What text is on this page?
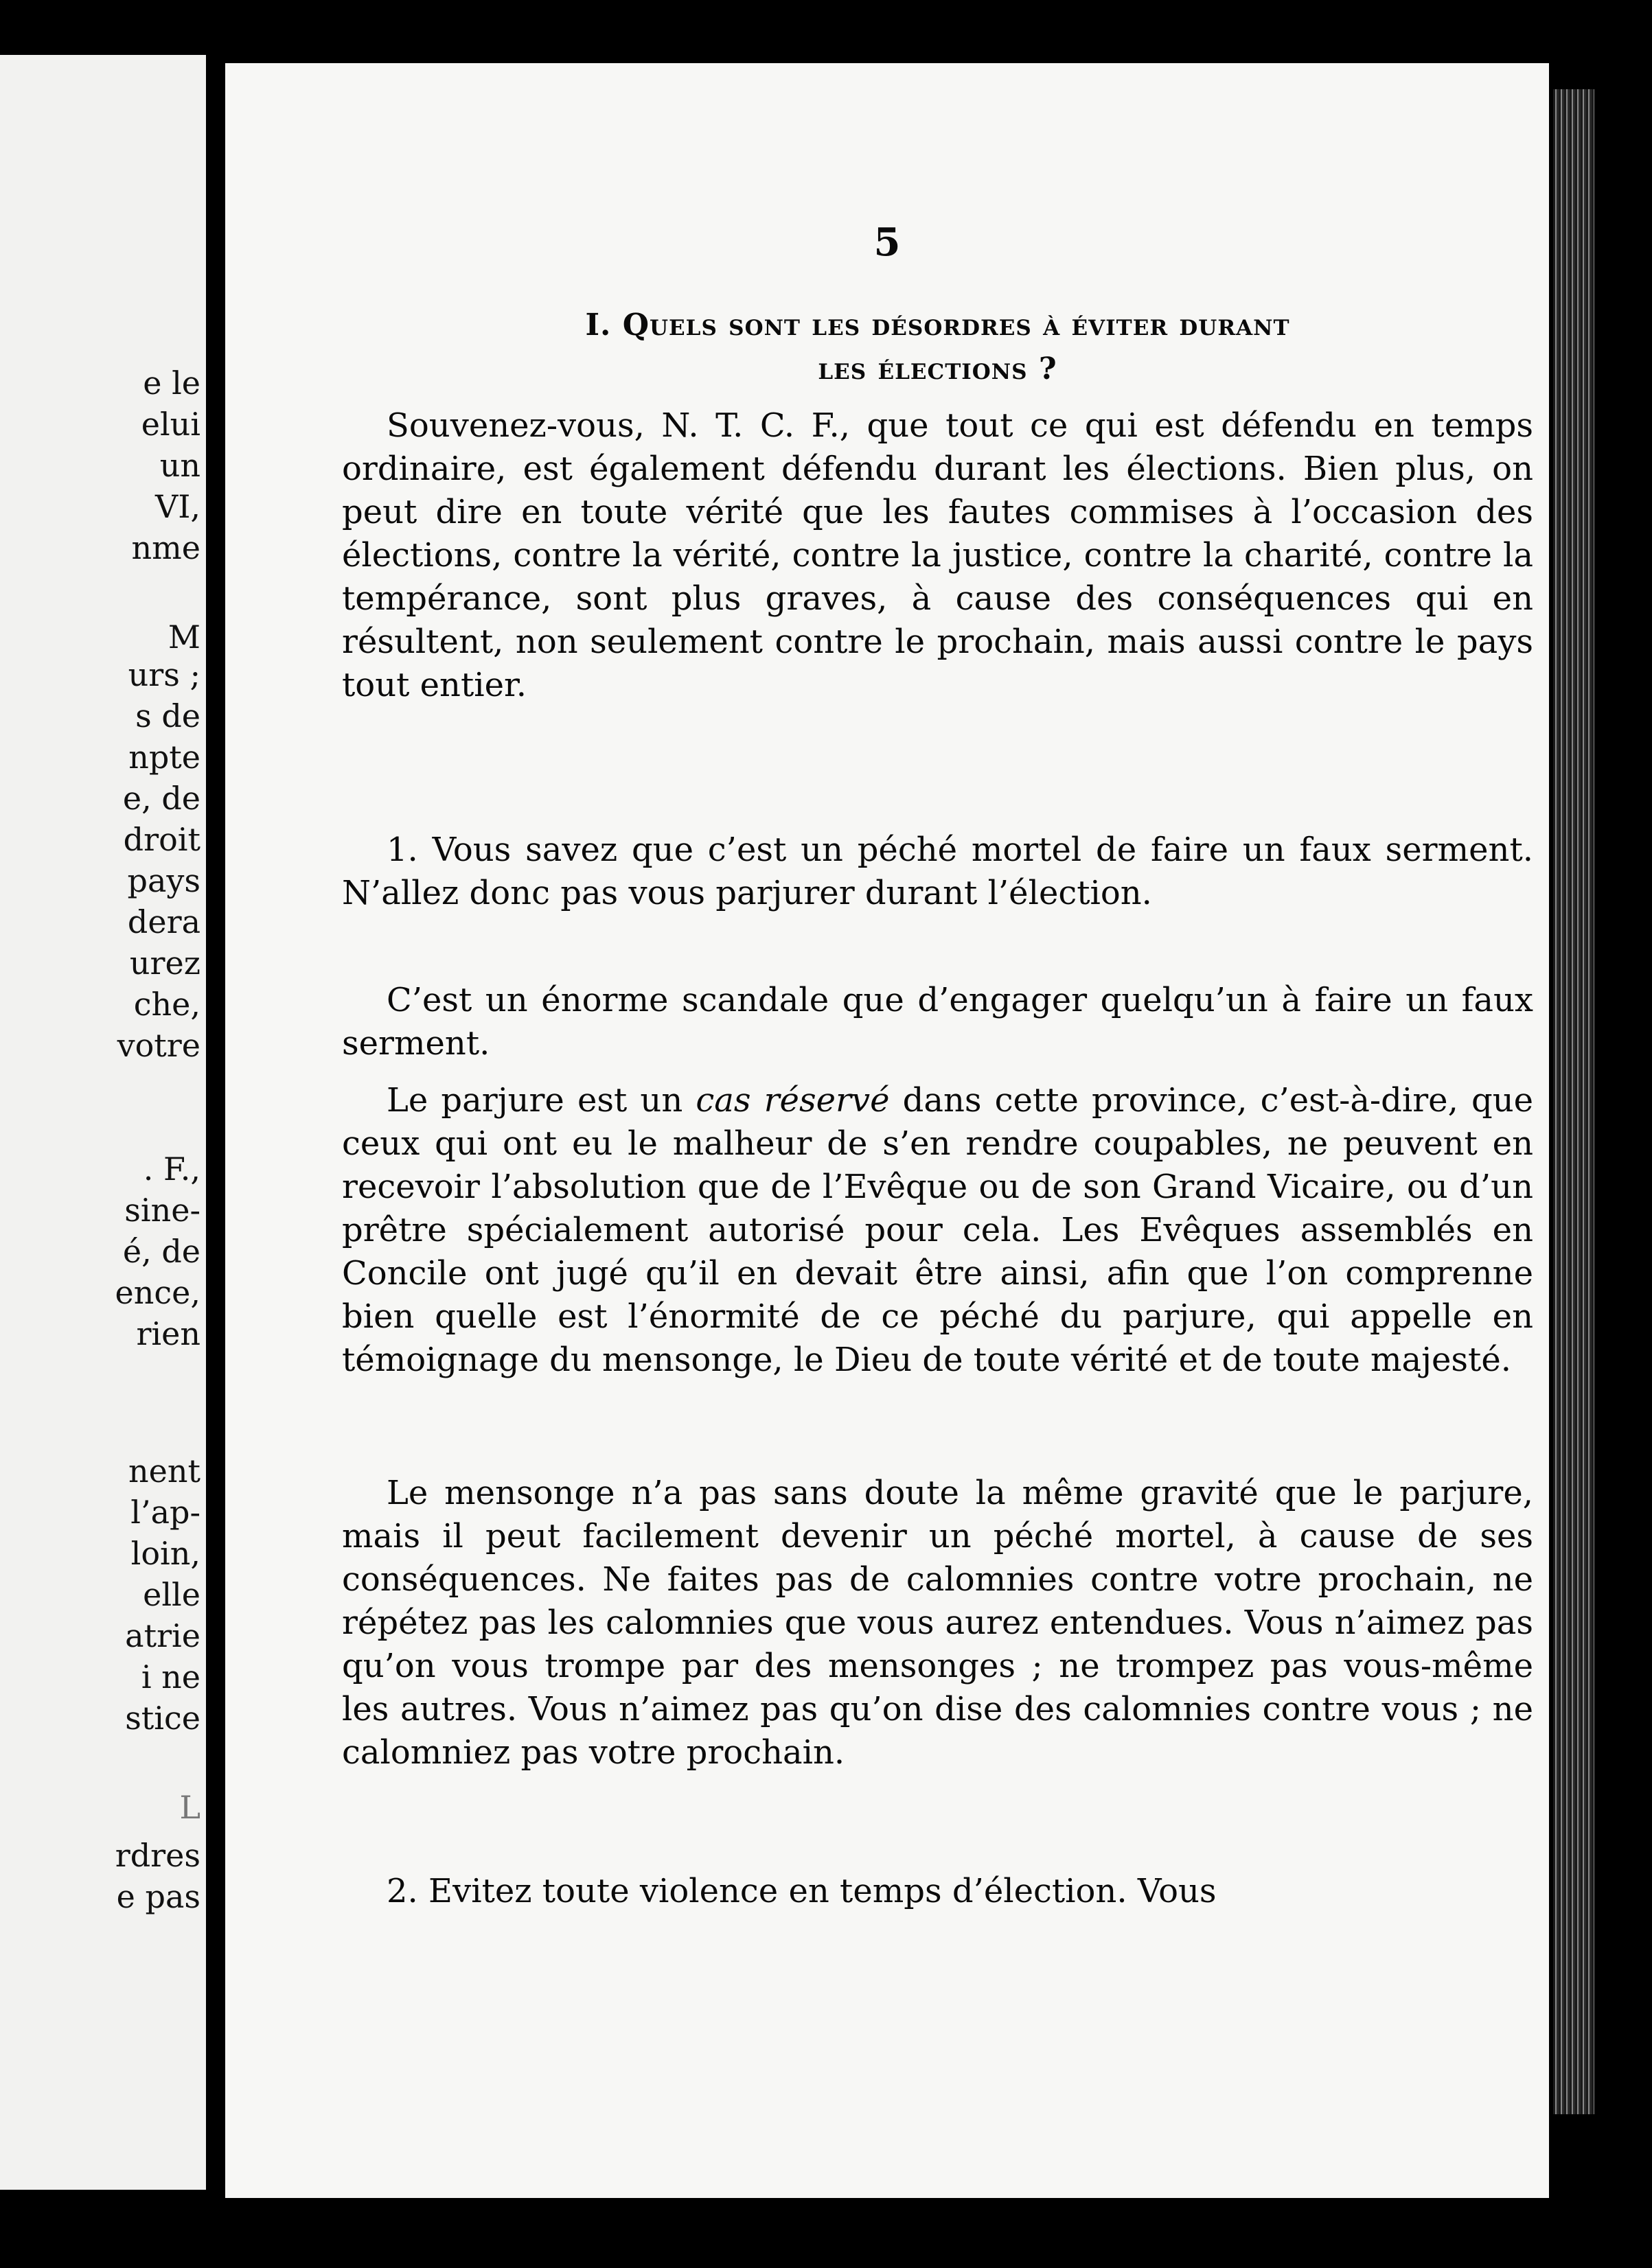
e le
elui
un
VI,
nme
M
urs ;
s de
npte
e, de
droit
pays
dera
urez
che,
votre
. F.,
sine-
é, de
ence,
rien
nent
l’ap-
loin,
elle
atrie
i ne
stice
L
rdres
e pas
5
I. Quels sont les désordres à éviter durant
les élections ?

Souvenez-vous, N. T. C. F., que tout ce qui est défendu en temps ordinaire, est également défendu durant les élections. Bien plus, on peut dire en toute vérité que les fautes commises à l’occasion des élections, contre la vérité, contre la justice, contre la charité, contre la tempérance, sont plus graves, à cause des conséquences qui en résultent, non seulement contre le prochain, mais aussi contre le pays tout entier.

1. Vous savez que c’est un péché mortel de faire un faux serment. N’allez donc pas vous parjurer durant l’élection.

C’est un énorme scandale que d’engager quelqu’un à faire un faux serment.

Le parjure est un cas réservé dans cette province, c’est-à-dire, que ceux qui ont eu le malheur de s’en rendre coupables, ne peuvent en recevoir l’absolution que de l’Evêque ou de son Grand Vicaire, ou d’un prêtre spécialement autorisé pour cela. Les Evêques assemblés en Concile ont jugé qu’il en devait être ainsi, afin que l’on comprenne bien quelle est l’énormité de ce péché du parjure, qui appelle en témoignage du mensonge, le Dieu de toute vérité et de toute majesté.

Le mensonge n’a pas sans doute la même gravité que le parjure, mais il peut facilement devenir un péché mortel, à cause de ses conséquences. Ne faites pas de calomnies contre votre prochain, ne répétez pas les calomnies que vous aurez entendues. Vous n’aimez pas qu’on vous trompe par des mensonges ; ne trompez pas vous-même les autres. Vous n’aimez pas qu’on dise des calomnies contre vous ; ne calomniez pas votre prochain.

2. Evitez toute violence en temps d’élection. Vous
